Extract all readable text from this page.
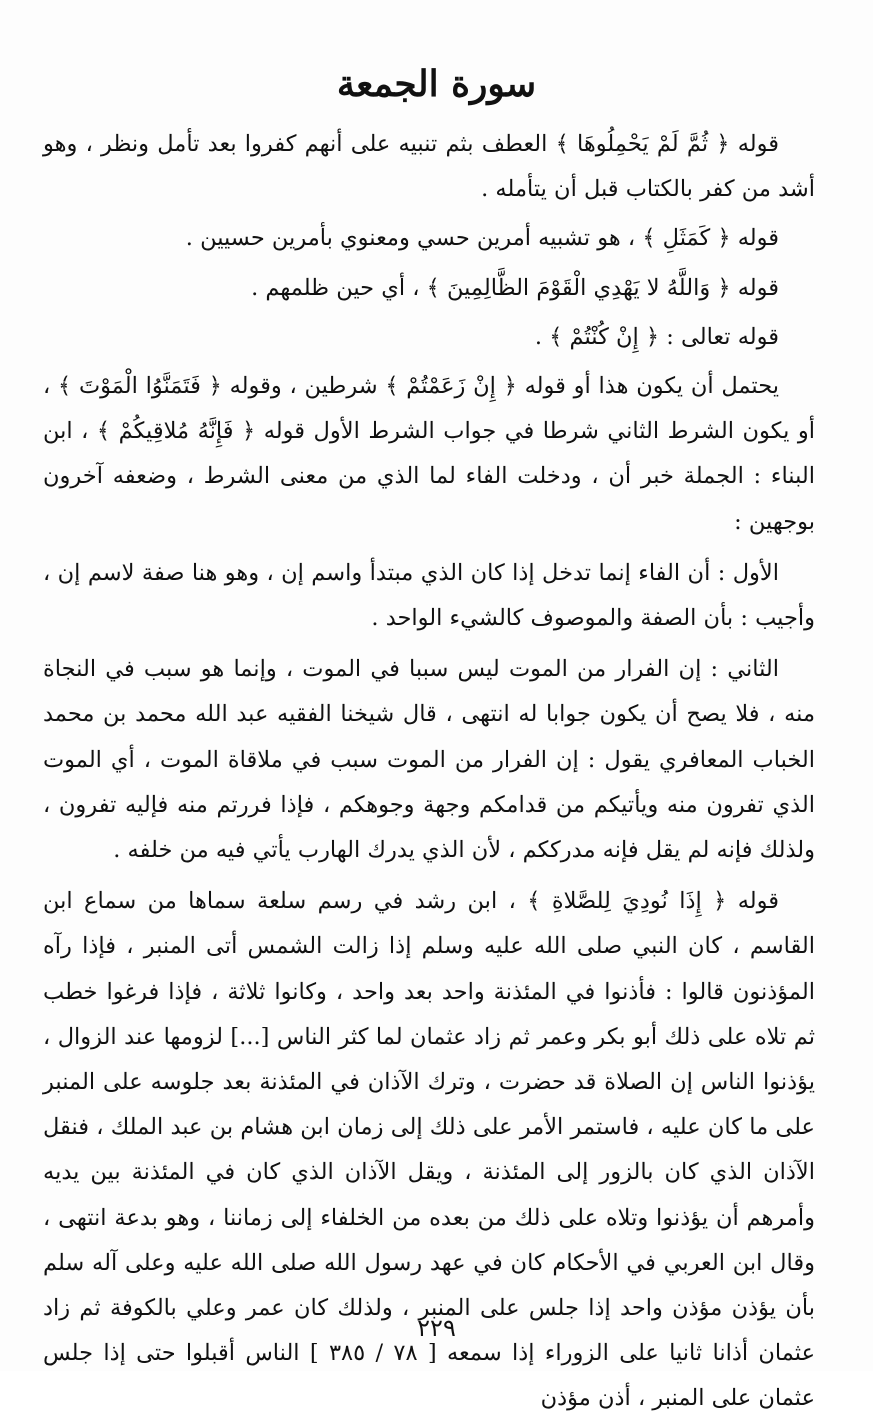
سورة الجمعة

قوله ﴿ ثُمَّ لَمْ يَحْمِلُوهَا ﴾ العطف بثم تنبيه على أنهم كفروا بعد تأمل ونظر ، وهو أشد من كفر بالكتاب قبل أن يتأمله .

قوله ﴿ كَمَثَلِ ﴾ ، هو تشبيه أمرين حسي ومعنوي بأمرين حسيين .

قوله ﴿ وَاللَّهُ لا يَهْدِي الْقَوْمَ الظَّالِمِينَ ﴾ ، أي حين ظلمهم .

قوله تعالى : ﴿ إِنْ كُنْتُمْ ﴾ .

يحتمل أن يكون هذا أو قوله ﴿ إِنْ زَعَمْتُمْ ﴾ شرطين ، وقوله ﴿ فَتَمَنَّوُا الْمَوْتَ ﴾ ، أو يكون الشرط الثاني شرطا في جواب الشرط الأول قوله ﴿ فَإِنَّهُ مُلاقِيكُمْ ﴾ ، ابن البناء : الجملة خبر أن ، ودخلت الفاء لما الذي من معنى الشرط ، وضعفه آخرون بوجهين :

الأول : أن الفاء إنما تدخل إذا كان الذي مبتدأ واسم إن ، وهو هنا صفة لاسم إن ، وأجيب : بأن الصفة والموصوف كالشيء الواحد .

الثاني : إن الفرار من الموت ليس سببا في الموت ، وإنما هو سبب في النجاة منه ، فلا يصح أن يكون جوابا له انتهى ، قال شيخنا الفقيه عبد الله محمد بن محمد الخباب المعافري يقول : إن الفرار من الموت سبب في ملاقاة الموت ، أي الموت الذي تفرون منه ويأتيكم من قدامكم وجهة وجوهكم ، فإذا فررتم منه فإليه تفرون ، ولذلك فإنه لم يقل فإنه مدرككم ، لأن الذي يدرك الهارب يأتي فيه من خلفه .

قوله ﴿ إِذَا نُودِيَ لِلصَّلاةِ ﴾ ، ابن رشد في رسم سلعة سماها من سماع ابن القاسم ، كان النبي صلى الله عليه وسلم إذا زالت الشمس أتى المنبر ، فإذا رآه المؤذنون قالوا : فأذنوا في المئذنة واحد بعد واحد ، وكانوا ثلاثة ، فإذا فرغوا خطب ثم تلاه على ذلك أبو بكر وعمر ثم زاد عثمان لما كثر الناس [...] لزومها عند الزوال ، يؤذنوا الناس إن الصلاة قد حضرت ، وترك الآذان في المئذنة بعد جلوسه على المنبر على ما كان عليه ، فاستمر الأمر على ذلك إلى زمان ابن هشام بن عبد الملك ، فنقل الآذان الذي كان بالزور إلى المئذنة ، ويقل الآذان الذي كان في المئذنة بين يديه وأمرهم أن يؤذنوا وتلاه على ذلك من بعده من الخلفاء إلى زماننا ، وهو بدعة انتهى ، وقال ابن العربي في الأحكام كان في عهد رسول الله صلى الله عليه وعلى آله سلم بأن يؤذن مؤذن واحد إذا جلس على المنبر ، ولذلك كان عمر وعلي بالكوفة ثم زاد عثمان أذانا ثانيا على الزوراء إذا سمعه [ ٧٨ / ٣٨٥ ] الناس أقبلوا حتى إذا جلس عثمان على المنبر ، أذن مؤذن

٢٢٩
